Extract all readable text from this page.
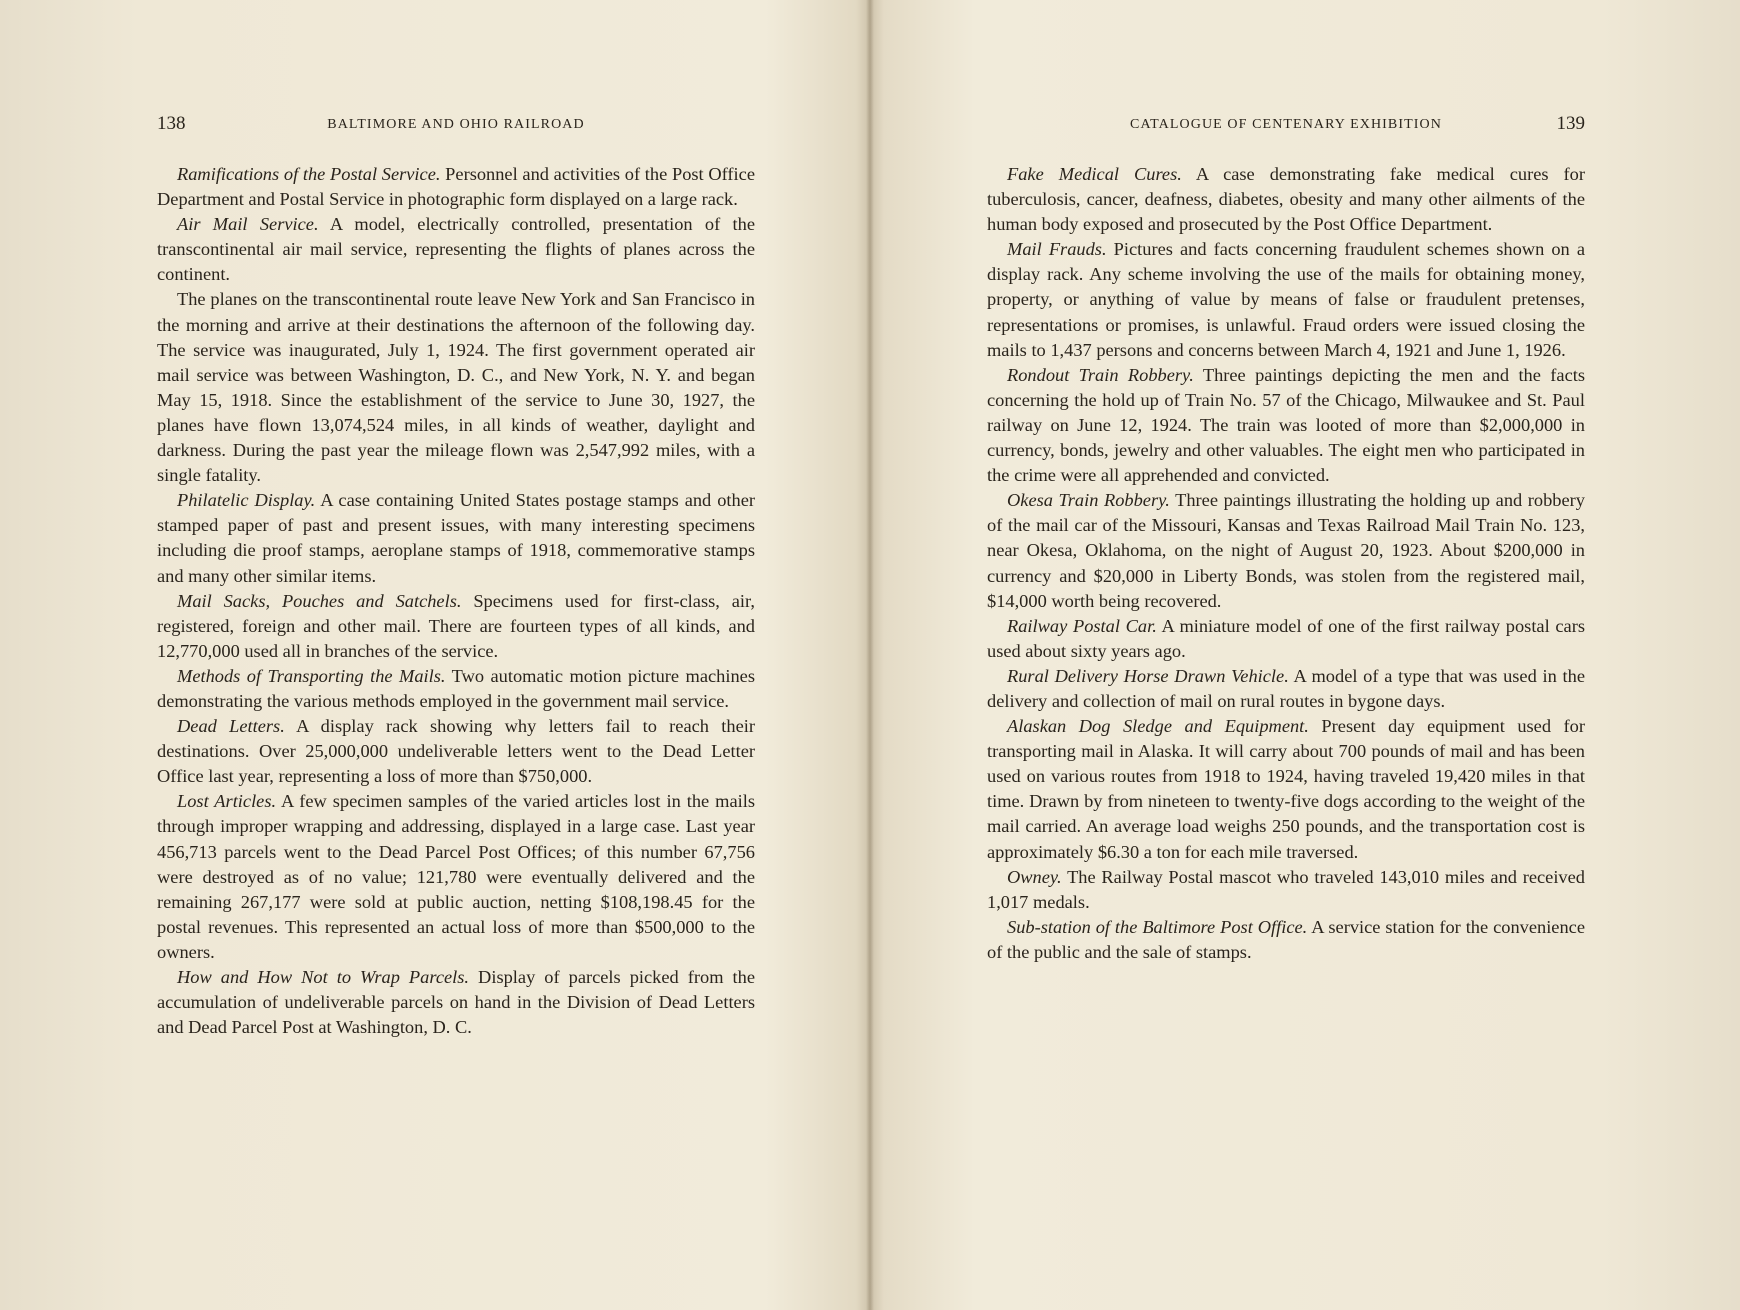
138	BALTIMORE AND OHIO RAILROAD

Ramifications of the Postal Service. Personnel and activities of the Post Office Department and Postal Service in photographic form displayed on a large rack.

Air Mail Service. A model, electrically controlled, presentation of the transcontinental air mail service, representing the flights of planes across the continent.

The planes on the transcontinental route leave New York and San Francisco in the morning and arrive at their destinations the afternoon of the following day. The service was inaugurated, July 1, 1924. The first government operated air mail service was between Washington, D. C., and New York, N. Y. and began May 15, 1918. Since the establishment of the service to June 30, 1927, the planes have flown 13,074,524 miles, in all kinds of weather, daylight and darkness. During the past year the mileage flown was 2,547,992 miles, with a single fatality.

Philatelic Display. A case containing United States postage stamps and other stamped paper of past and present issues, with many interesting specimens including die proof stamps, aeroplane stamps of 1918, commemorative stamps and many other similar items.

Mail Sacks, Pouches and Satchels. Specimens used for first-class, air, registered, foreign and other mail. There are fourteen types of all kinds, and 12,770,000 used all in branches of the service.

Methods of Transporting the Mails. Two automatic motion picture machines demonstrating the various methods employed in the government mail service.

Dead Letters. A display rack showing why letters fail to reach their destinations. Over 25,000,000 undeliverable letters went to the Dead Letter Office last year, representing a loss of more than $750,000.

Lost Articles. A few specimen samples of the varied articles lost in the mails through improper wrapping and addressing, displayed in a large case. Last year 456,713 parcels went to the Dead Parcel Post Offices; of this number 67,756 were destroyed as of no value; 121,780 were eventually delivered and the remaining 267,177 were sold at public auction, netting $108,198.45 for the postal revenues. This represented an actual loss of more than $500,000 to the owners.

How and How Not to Wrap Parcels. Display of parcels picked from the accumulation of undeliverable parcels on hand in the Division of Dead Letters and Dead Parcel Post at Washington, D. C.

CATALOGUE OF CENTENARY EXHIBITION	139

Fake Medical Cures. A case demonstrating fake medical cures for tuberculosis, cancer, deafness, diabetes, obesity and many other ailments of the human body exposed and prosecuted by the Post Office Department.

Mail Frauds. Pictures and facts concerning fraudulent schemes shown on a display rack. Any scheme involving the use of the mails for obtaining money, property, or anything of value by means of false or fraudulent pretenses, representations or promises, is unlawful. Fraud orders were issued closing the mails to 1,437 persons and concerns between March 4, 1921 and June 1, 1926.

Rondout Train Robbery. Three paintings depicting the men and the facts concerning the hold up of Train No. 57 of the Chicago, Milwaukee and St. Paul railway on June 12, 1924. The train was looted of more than $2,000,000 in currency, bonds, jewelry and other valuables. The eight men who participated in the crime were all apprehended and convicted.

Okesa Train Robbery. Three paintings illustrating the holding up and robbery of the mail car of the Missouri, Kansas and Texas Railroad Mail Train No. 123, near Okesa, Oklahoma, on the night of August 20, 1923. About $200,000 in currency and $20,000 in Liberty Bonds, was stolen from the registered mail, $14,000 worth being recovered.

Railway Postal Car. A miniature model of one of the first railway postal cars used about sixty years ago.

Rural Delivery Horse Drawn Vehicle. A model of a type that was used in the delivery and collection of mail on rural routes in bygone days.

Alaskan Dog Sledge and Equipment. Present day equipment used for transporting mail in Alaska. It will carry about 700 pounds of mail and has been used on various routes from 1918 to 1924, having traveled 19,420 miles in that time. Drawn by from nineteen to twenty-five dogs according to the weight of the mail carried. An average load weighs 250 pounds, and the transportation cost is approximately $6.30 a ton for each mile traversed.

Owney. The Railway Postal mascot who traveled 143,010 miles and received 1,017 medals.

Sub-station of the Baltimore Post Office. A service station for the convenience of the public and the sale of stamps.
